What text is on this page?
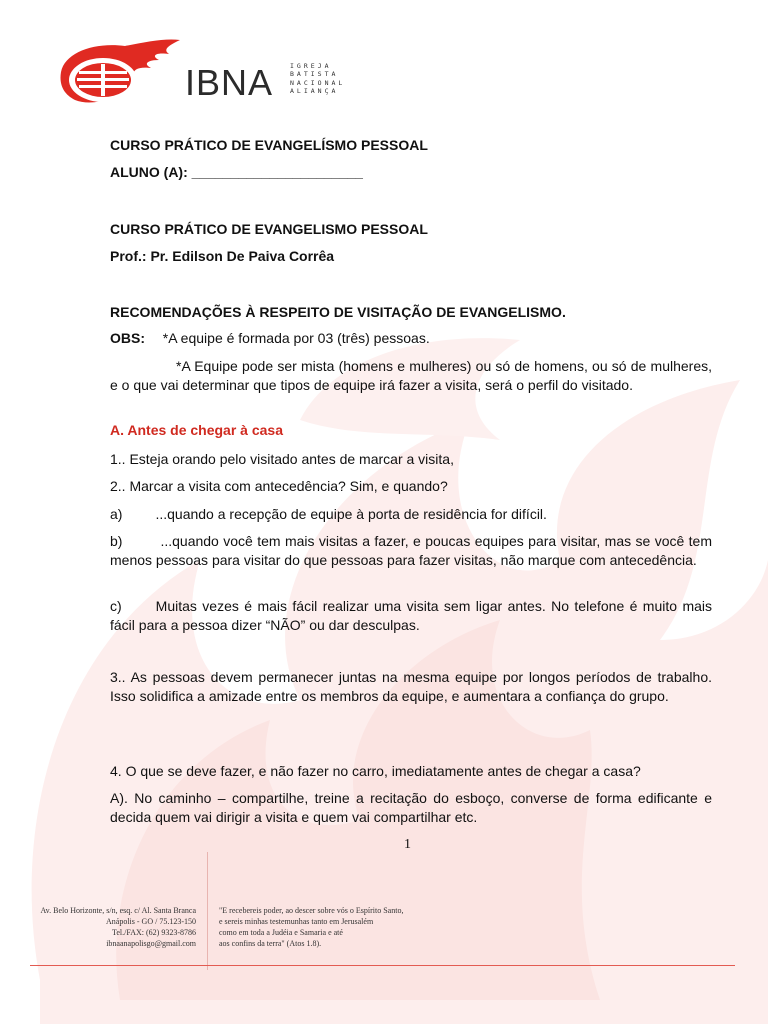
IBNA	IGREJA
BATISTA
NACIONAL
ALIANÇA
CURSO PRÁTICO DE EVANGELÍSMO PESSOAL
ALUNO (A): ______________________
CURSO PRÁTICO DE EVANGELISMO PESSOAL
Prof.: Pr. Edilson De Paiva Corrêa
RECOMENDAÇÕES À RESPEITO DE VISITAÇÃO DE EVANGELISMO.
OBS: *A equipe é formada por 03 (três) pessoas.
*A Equipe pode ser mista (homens e mulheres) ou só de homens, ou só de mulheres, e o que vai determinar que tipos de equipe irá fazer a visita, será o perfil do visitado.
A. Antes de chegar à casa
1.. Esteja orando pelo visitado antes de marcar a visita,
2.. Marcar a visita com antecedência? Sim, e quando?
a) ...quando a recepção de equipe à porta de residência for difícil.
b)	...quando você tem mais visitas a fazer, e poucas equipes para visitar, mas se você tem menos pessoas para visitar do que pessoas para fazer visitas, não marque com antecedência.
c) Muitas vezes é mais fácil realizar uma visita sem ligar antes. No telefone é muito mais fácil para a pessoa dizer “NÃO” ou dar desculpas.
3.. As pessoas devem permanecer juntas na mesma equipe por longos períodos de trabalho. Isso solidifica a amizade entre os membros da equipe, e aumentara a confiança do grupo.
4. O que se deve fazer, e não fazer no carro, imediatamente antes de chegar a casa?
A). No caminho – compartilhe, treine a recitação do esboço, converse de forma edificante e decida quem vai dirigir a visita e quem vai compartilhar etc.
1
Av. Belo Horizonte, s/n, esq. c/ Al. Santa Branca
Anápolis - GO / 75.123-150
Tel./FAX: (62) 9323-8786
ibnaanapolisgo@gmail.com
"E recebereis poder, ao descer sobre vós o Espírito Santo,
e sereis minhas testemunhas tanto em Jerusalém
como em toda a Judéia e Samaria e até
aos confins da terra" (Atos 1.8).
